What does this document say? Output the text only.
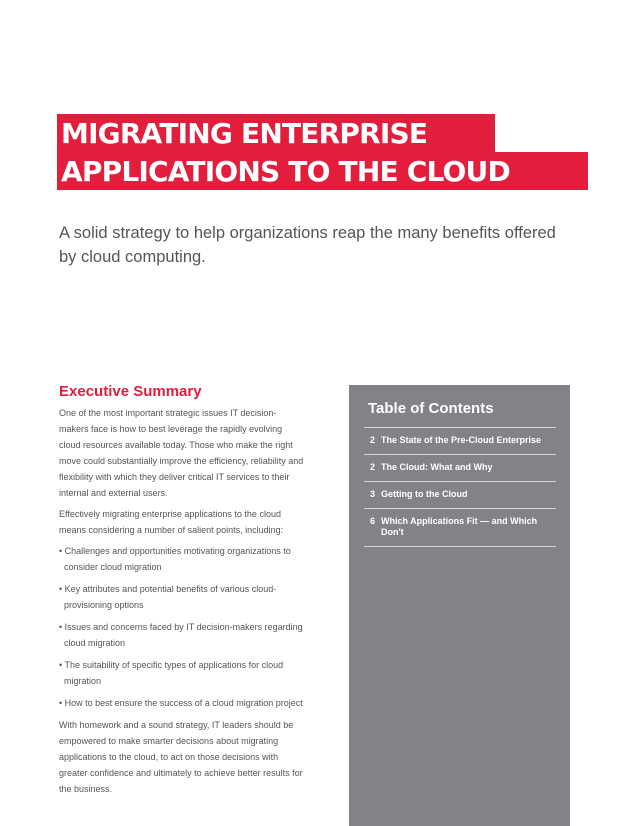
MIGRATING ENTERPRISE
APPLICATIONS TO THE CLOUD
A solid strategy to help organizations reap the many benefits offered by cloud computing.
Executive Summary

One of the most important strategic issues IT decision-makers face is how to best leverage the rapidly evolving cloud resources available today. Those who make the right move could substantially improve the efficiency, reliability and flexibility with which they deliver critical IT services to their internal and external users.

Effectively migrating enterprise applications to the cloud means considering a number of salient points, including:

• Challenges and opportunities motivating organizations to consider cloud migration
• Key attributes and potential benefits of various cloud-provisioning options
• Issues and concerns faced by IT decision-makers regarding cloud migration
• The suitability of specific types of applications for cloud migration
• How to best ensure the success of a cloud migration project

With homework and a sound strategy, IT leaders should be empowered to make smarter decisions about migrating applications to the cloud, to act on those decisions with greater confidence and ultimately to achieve better results for the business.

Table of Contents
2 The State of the Pre-Cloud Enterprise
2 The Cloud: What and Why
3 Getting to the Cloud
6 Which Applications Fit — and Which Don't
